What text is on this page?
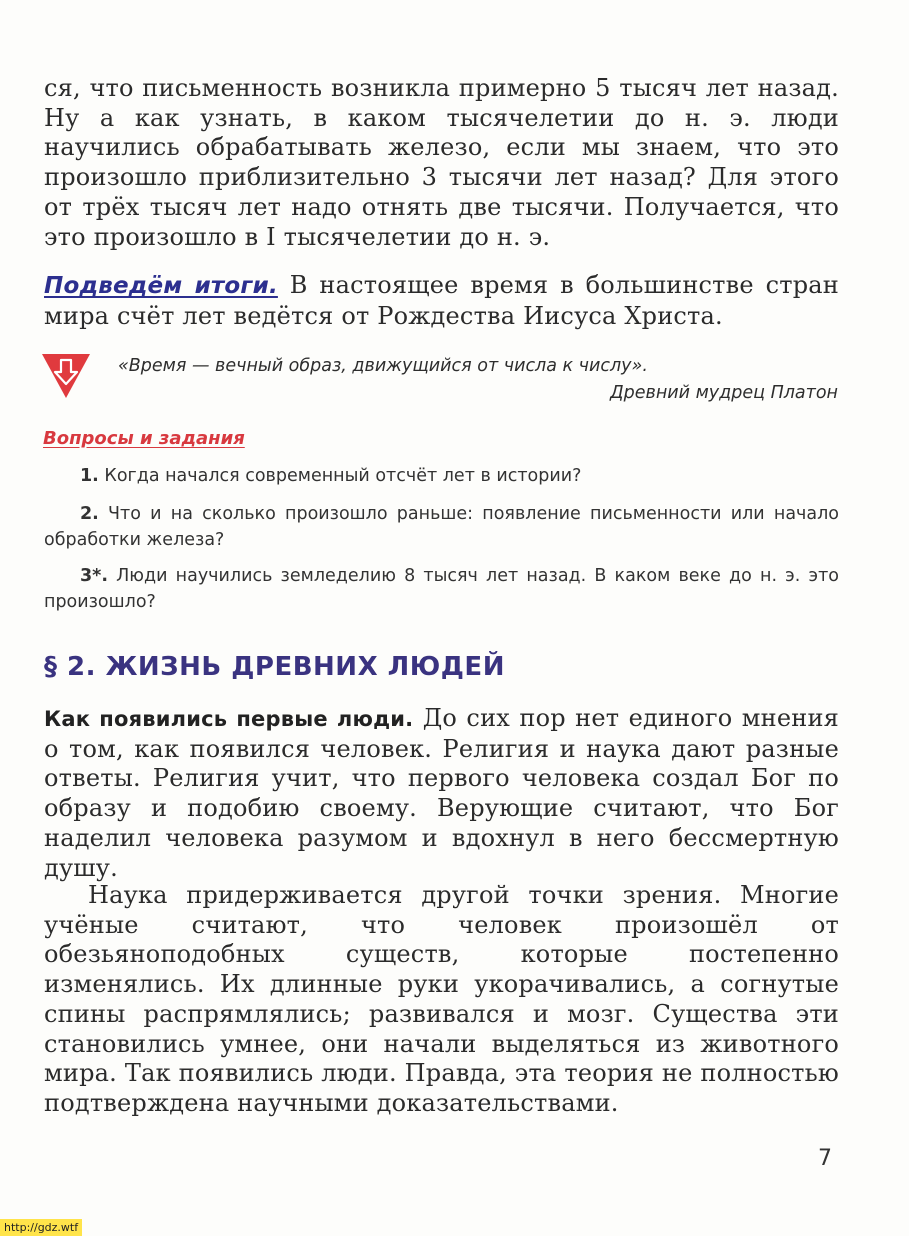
ся, что письменность возникла примерно 5 тысяч лет назад. Ну а как узнать, в каком тысячелетии до н. э. люди научились обрабатывать железо, если мы знаем, что это произошло приблизительно 3 тысячи лет назад? Для этого от трёх тысяч лет надо отнять две тысячи. Получается, что это произошло в I тысячелетии до н. э.

Подведём итоги. В настоящее время в большинстве стран мира счёт лет ведётся от Рождества Иисуса Христа.

«Время — вечный образ, движущийся от числа к числу».
Древний мудрец Платон
Вопросы и задания

1. Когда начался современный отсчёт лет в истории?

2. Что и на сколько произошло раньше: появление письменности или начало обработки железа?

3*. Люди научились земледелию 8 тысяч лет назад. В каком веке до н. э. это произошло?

§ 2. ЖИЗНЬ ДРЕВНИХ ЛЮДЕЙ

Как появились первые люди. До сих пор нет единого мнения о том, как появился человек. Религия и наука дают разные ответы. Религия учит, что первого человека создал Бог по образу и подобию своему. Верующие считают, что Бог наделил человека разумом и вдохнул в него бессмертную душу.

Наука придерживается другой точки зрения. Многие учёные считают, что человек произошёл от обезьяноподобных существ, которые постепенно изменялись. Их длинные руки укорачивались, а согнутые спины распрямлялись; развивался и мозг. Существа эти становились умнее, они начали выделяться из животного мира. Так появились люди. Правда, эта теория не полностью подтверждена научными доказательствами.

7
http://gdz.wtf
